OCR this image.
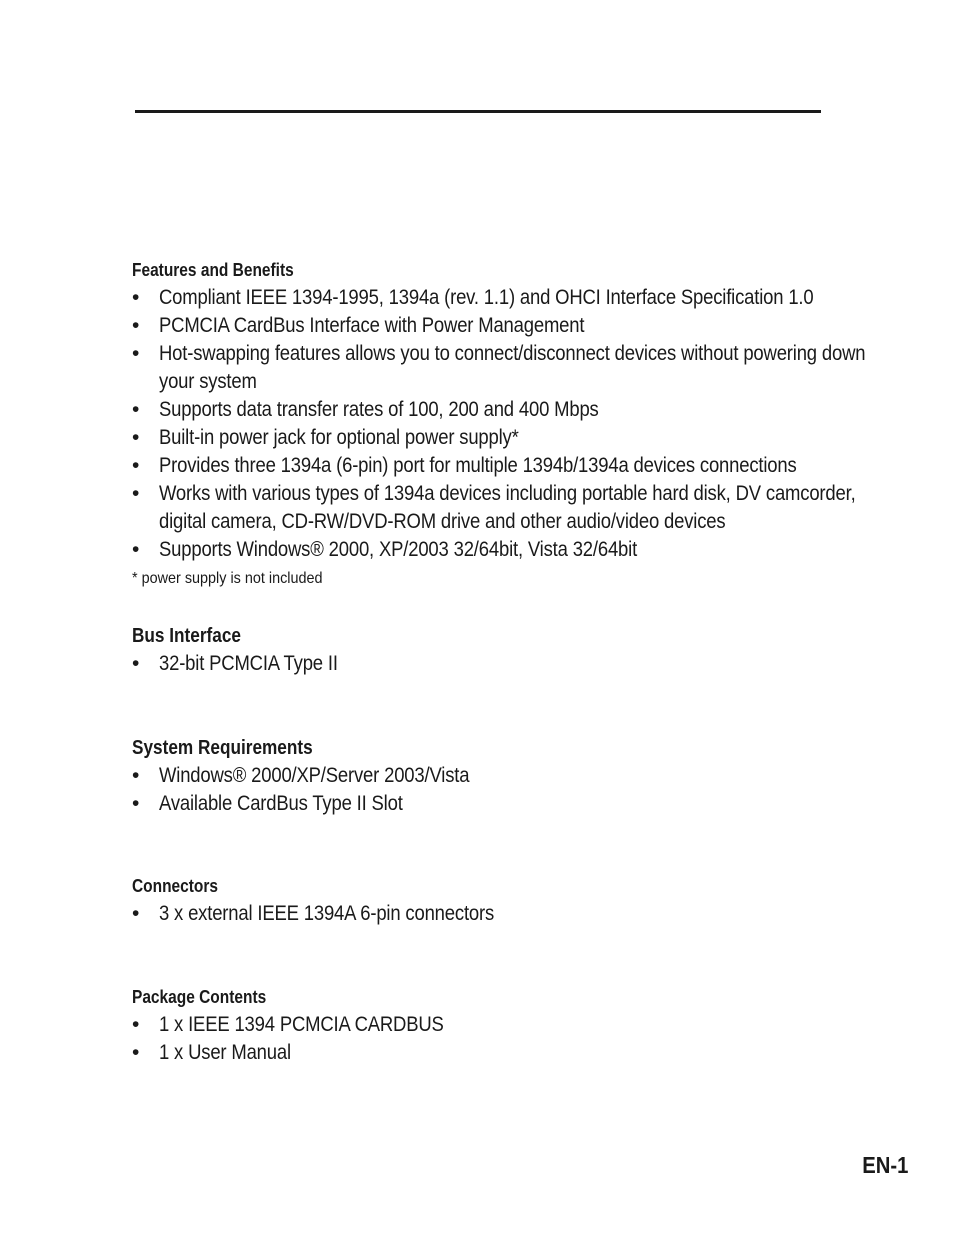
Features and Benefits
• Compliant IEEE 1394-1995, 1394a (rev. 1.1) and OHCI Interface Specification 1.0
• PCMCIA CardBus Interface with Power Management
• Hot-swapping features allows you to connect/disconnect devices without powering down your system
• Supports data transfer rates of 100, 200 and 400 Mbps
• Built-in power jack for optional power supply*
• Provides three 1394a (6-pin) port for multiple 1394b/1394a devices connections
• Works with various types of 1394a devices including portable hard disk, DV camcorder, digital camera, CD-RW/DVD-ROM drive and other audio/video devices
• Supports Windows® 2000, XP/2003 32/64bit, Vista 32/64bit
* power supply is not included
Bus Interface
• 32-bit PCMCIA Type II
System Requirements
• Windows® 2000/XP/Server 2003/Vista
• Available CardBus Type II Slot
Connectors
• 3 x external IEEE 1394A 6-pin connectors
Package Contents
• 1 x IEEE 1394 PCMCIA CARDBUS
• 1 x User Manual
EN-1
